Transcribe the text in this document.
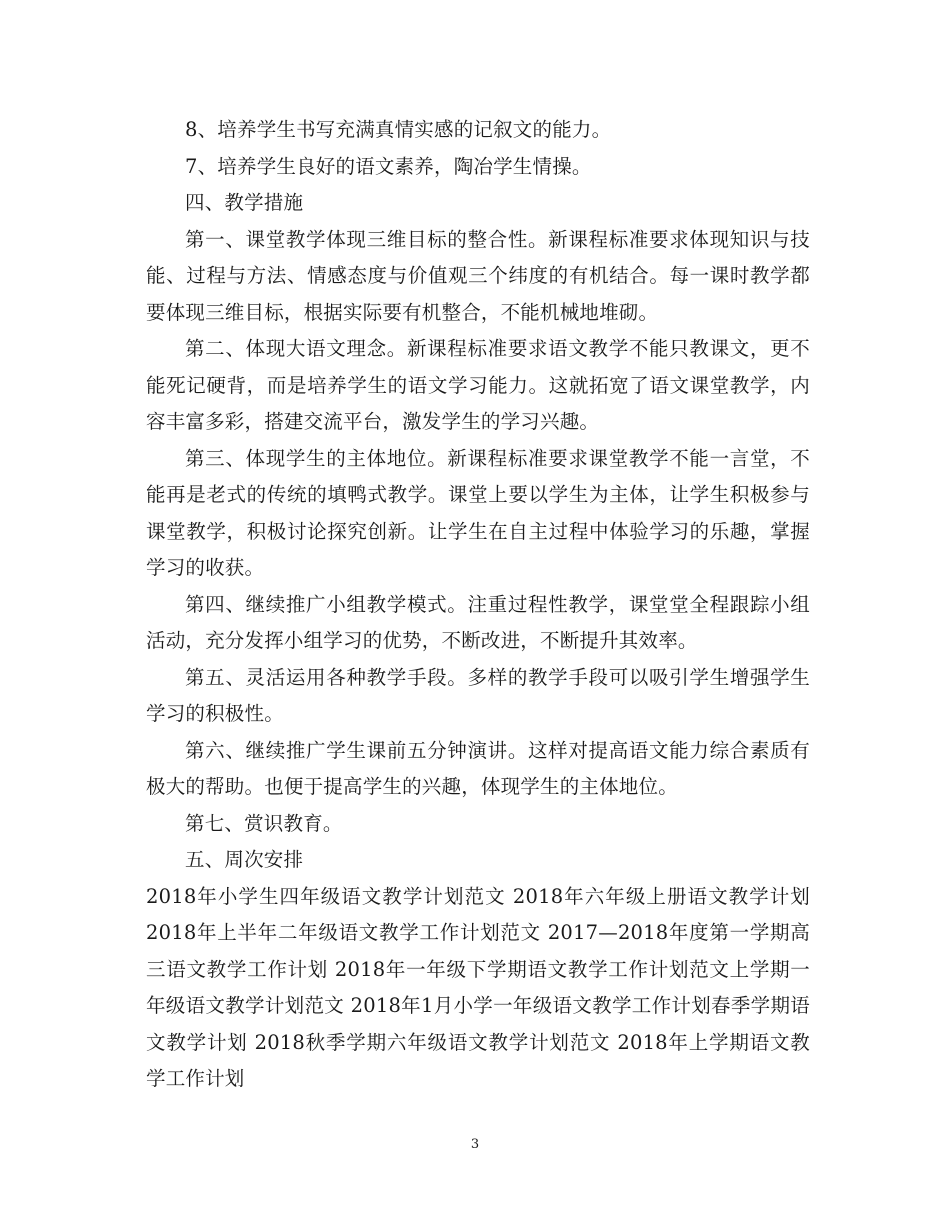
8、培养学生书写充满真情实感的记叙文的能力。

7、培养学生良好的语文素养，陶冶学生情操。

四、教学措施

第一、课堂教学体现三维目标的整合性。新课程标准要求体现知识与技能、过程与方法、情感态度与价值观三个纬度的有机结合。每一课时教学都要体现三维目标，根据实际要有机整合，不能机械地堆砌。

第二、体现大语文理念。新课程标准要求语文教学不能只教课文，更不能死记硬背，而是培养学生的语文学习能力。这就拓宽了语文课堂教学，内容丰富多彩，搭建交流平台，激发学生的学习兴趣。

第三、体现学生的主体地位。新课程标准要求课堂教学不能一言堂，不能再是老式的传统的填鸭式教学。课堂上要以学生为主体，让学生积极参与课堂教学，积极讨论探究创新。让学生在自主过程中体验学习的乐趣，掌握学习的收获。

第四、继续推广小组教学模式。注重过程性教学，课堂堂全程跟踪小组活动，充分发挥小组学习的优势，不断改进，不断提升其效率。

第五、灵活运用各种教学手段。多样的教学手段可以吸引学生增强学生学习的积极性。

第六、继续推广学生课前五分钟演讲。这样对提高语文能力综合素质有极大的帮助。也便于提高学生的兴趣，体现学生的主体地位。

第七、赏识教育。

五、周次安排

2018年小学生四年级语文教学计划范文 2018年六年级上册语文教学计划 2018年上半年二年级语文教学工作计划范文 2017—2018年度第一学期高三语文教学工作计划 2018年一年级下学期语文教学工作计划范文上学期一年级语文教学计划范文 2018年1月小学一年级语文教学工作计划春季学期语文教学计划 2018秋季学期六年级语文教学计划范文 2018年上学期语文教学工作计划

3
